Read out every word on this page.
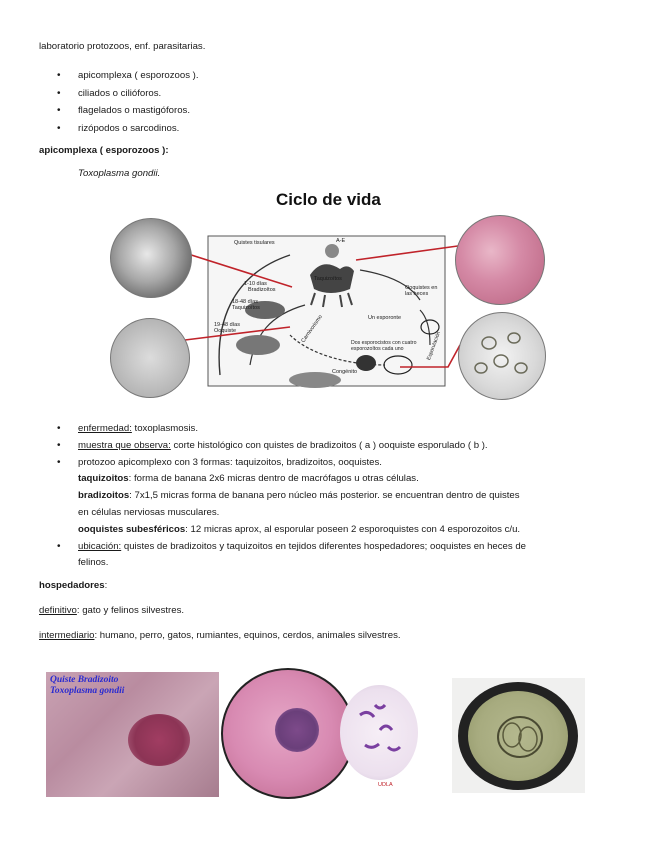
laboratorio protozoos, enf. parasitarias.
• apicomplexa ( esporozoos ).
• ciliados o cilióforos.
• flagelados o mastigóforos.
• rizópodos o sarcodinos.
apicomplexa ( esporozoos ):
Toxoplasma gondii.
Ciclo de vida
Quistes tisulares	A-E
Taquizoítos
1-10 días
Bradizoítos
18-48 días
Taquizoítos
19-48 días
Ooquiste
Ooquistes en
las heces
Un esporonte
Dos esporocistos con cuatro
esporozoítos cada uno
Congénito
Carnivorismo
Esporulación
• enfermedad: toxoplasmosis.
• muestra que observa: corte histológico con quistes de bradizoitos ( a ) ooquiste esporulado ( b ).
• protozoo apicomplexo con 3 formas: taquizoitos, bradizoitos, ooquistes.
taquizoitos: forma de banana 2x6 micras dentro de macrófagos u otras células.
bradizoitos: 7x1,5 micras forma de banana pero núcleo más posterior. se encuentran dentro de quistes
en células nerviosas musculares.
ooquistes subesféricos: 12 micras aprox, al esporular poseen 2 esporoquistes con 4 esporozoitos c/u.
• ubicación: quistes de bradizoitos y taquizoitos en tejidos diferentes hospedadores; ooquistes en heces de
felinos.
hospedadores:
definitivo: gato y felinos silvestres.
intermediario: humano, perro, gatos, rumiantes, equinos, cerdos, animales silvestres.
Quiste Bradizoito
Toxoplasma gondii
UDLA
